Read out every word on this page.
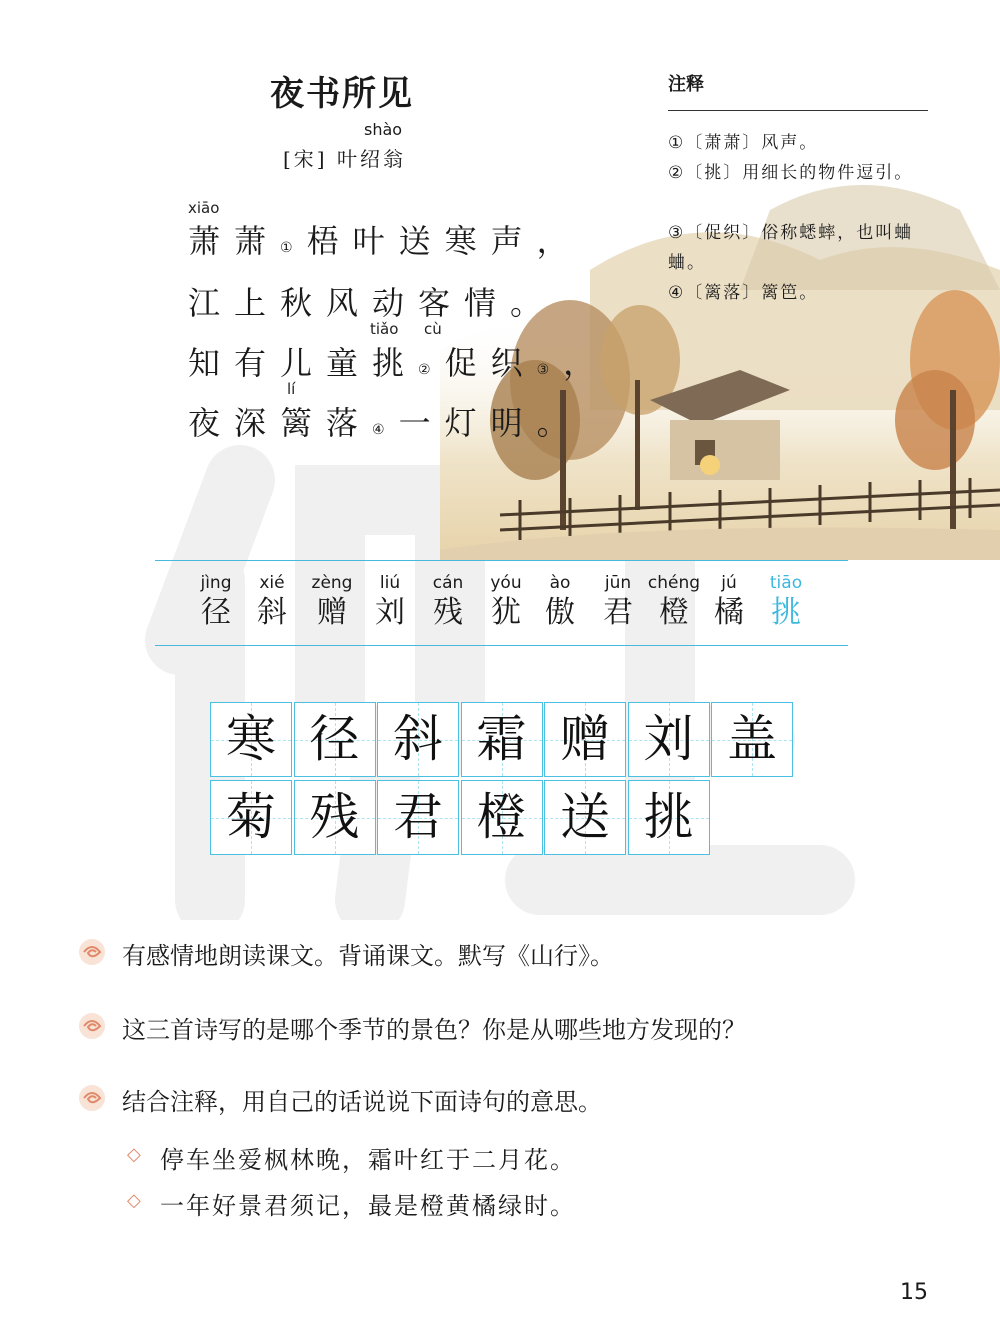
夜书所见
shào
[宋] 叶绍翁
xiāo
萧萧①梧叶送寒声，
江上秋风动客情。
tiǎo cù
知有儿童挑②促织③，
lí
夜深篱落④一灯明。
注释
①〔萧萧〕风声。
②〔挑〕用细长的物件逗引。
③〔促织〕俗称蟋蟀，也叫蛐蛐。
④〔篱落〕篱笆。
jìng
径
xié
斜
zèng
赠
liú
刘
cán
残
yóu
犹
ào
傲
jūn
君
chéng
橙
jú
橘
tiāo
挑
寒 径 斜 霜 赠 刘 盖
菊 残 君 橙 送 挑
有感情地朗读课文。背诵课文。默写《山行》。
这三首诗写的是哪个季节的景色？你是从哪些地方发现的？
结合注释，用自己的话说说下面诗句的意思。
◇ 停车坐爱枫林晚，霜叶红于二月花。
◇ 一年好景君须记，最是橙黄橘绿时。
15
